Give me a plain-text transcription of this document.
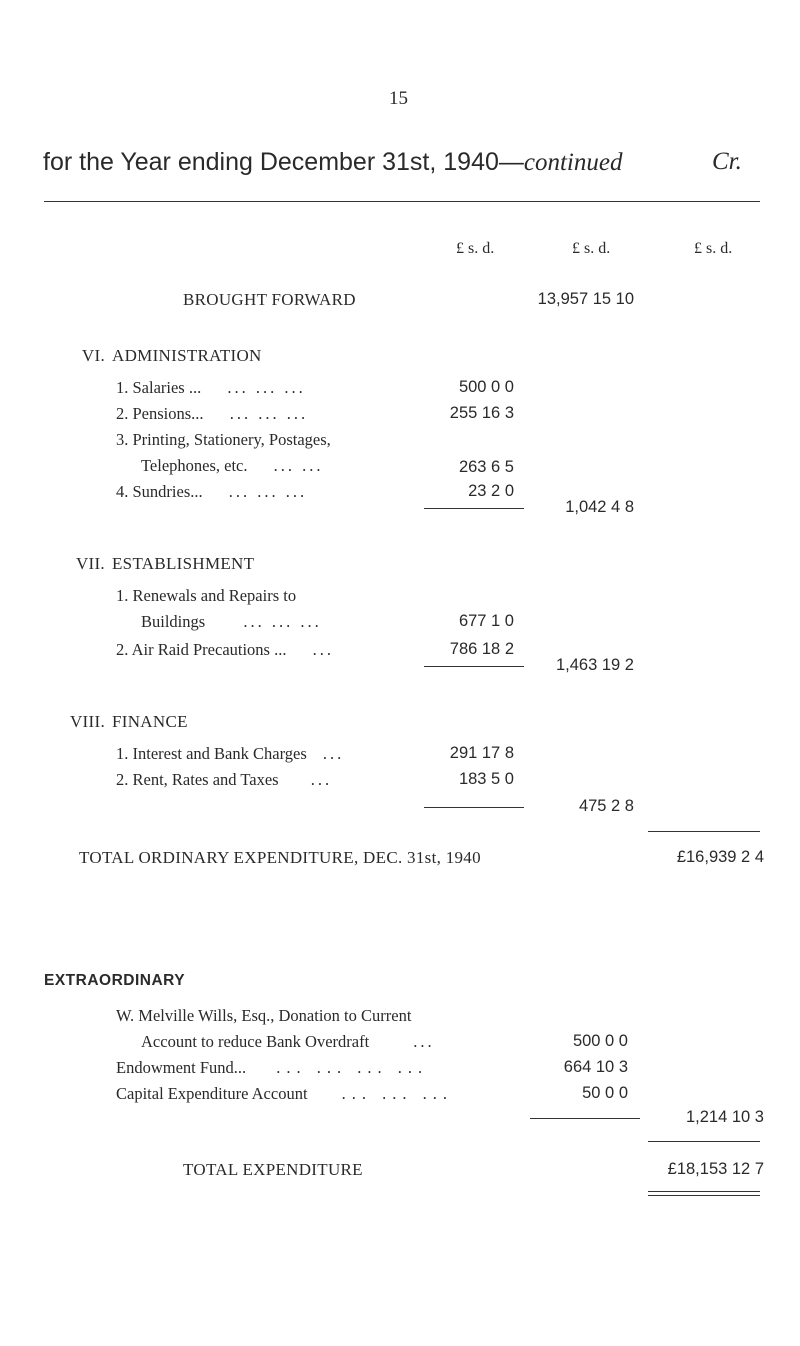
15
for the Year ending December 31st, 1940—continued	Cr.
£ s. d.	£ s. d.	£ s. d.
BROUGHT FORWARD	13,957 15 10
VI. ADMINISTRATION
1. Salaries ... ... ... ...	500 0 0
2. Pensions... ... ... ...	255 16 3
3. Printing, Stationery, Postages,
Telephones, etc. ... ...	263 6 5
4. Sundries... ... ... ...	23 2 0
1,042 4 8
VII. ESTABLISHMENT
1. Renewals and Repairs to
Buildings ... ... ...	677 1 0
2. Air Raid Precautions ... ...	786 18 2
1,463 19 2
VIII. FINANCE
1. Interest and Bank Charges ...	291 17 8
2. Rent, Rates and Taxes ...	183 5 0
475 2 8
TOTAL ORDINARY EXPENDITURE, DEC. 31st, 1940	£16,939 2 4
EXTRAORDINARY
W. Melville Wills, Esq., Donation to Current
Account to reduce Bank Overdraft	...	500 0 0
Endowment Fund... ... ... ... ...	664 10 3
Capital Expenditure Account ... ... ...	50 0 0
1,214 10 3
TOTAL EXPENDITURE	£18,153 12 7
